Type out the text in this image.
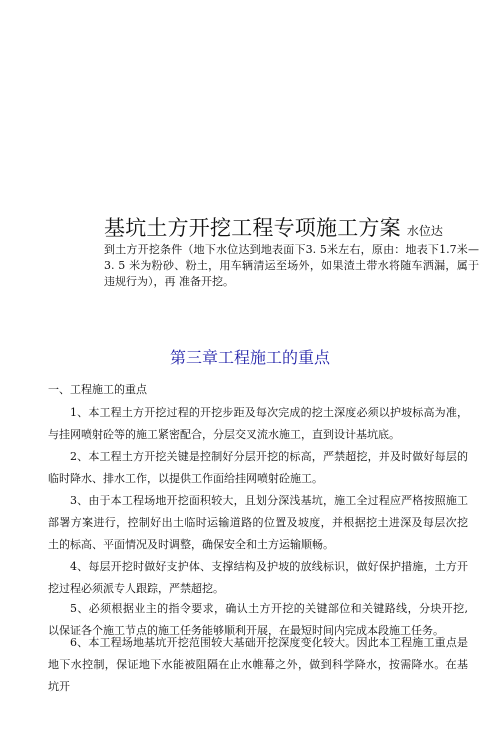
基坑土方开挖工程专项施工方案 水位达
到土方开挖条件（地下水位达到地表面下3. 5米左右，原由：地表下1.7米—3. 5 米为粉砂、粉土，用车辆清运至场外，如果渣土带水将随车洒漏，属于违规行为），再 准备开挖。
第三章工程施工的重点
一、工程施工的重点
1、本工程土方开挖过程的开挖步距及每次完成的挖土深度必须以护坡标高为准， 与挂网喷射砼等的施工紧密配合，分层交叉流水施工，直到设计基坑底。
2、本工程土方开挖关键是控制好分层开挖的标高，严禁超挖，并及时做好每层的 临时降水、排水工作，以提供工作面给挂网喷射砼施工。
3、由于本工程场地开挖面积较大，且划分深浅基坑，施工全过程应严格按照施工 部署方案进行，控制好出土临时运输道路的位置及坡度，并根据挖土进深及每层次挖 土的标高、平面情况及时调整，确保安全和土方运输顺畅。
4、每层开挖时做好支护体、支撑结构及护坡的放线标识，做好保护措施，土方开 挖过程必须派专人跟踪，严禁超挖。
5、必须根据业主的指令要求，确认土方开挖的关键部位和关键路线，分块开挖, 以保证各个施工节点的施工任务能够顺利开展，在最短时间内完成本段施工任务。
6、本工程场地基坑开挖范围较大基础开挖深度变化较大。因此本工程施工重点是 地下水控制，保证地下水能被阻隔在止水帷幕之外，做到科学降水，按需降水。在基 坑开
